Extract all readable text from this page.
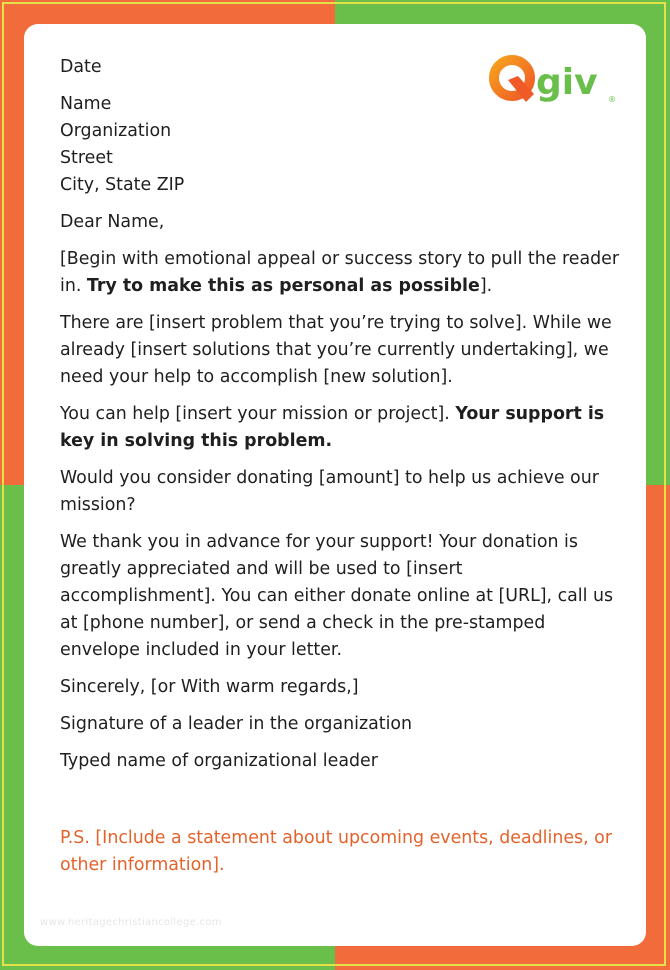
giv ®

Date

Name

Organization

Street

City, State ZIP

Dear Name,

[Begin with emotional appeal or success story to pull the reader in. Try to make this as personal as possible].

There are [insert problem that you’re trying to solve]. While we already [insert solutions that you’re currently undertaking], we need your help to accomplish [new solution].

You can help [insert your mission or project]. Your support is key in solving this problem.

Would you consider donating [amount] to help us achieve our mission?

We thank you in advance for your support! Your donation is greatly appreciated and will be used to [insert accomplishment]. You can either donate online at [URL], call us at [phone number], or send a check in the pre-stamped envelope included in your letter.

Sincerely, [or With warm regards,]

Signature of a leader in the organization

Typed name of organizational leader

P.S. [Include a statement about upcoming events, deadlines, or other information].

www.heritagechristiancollege.com
